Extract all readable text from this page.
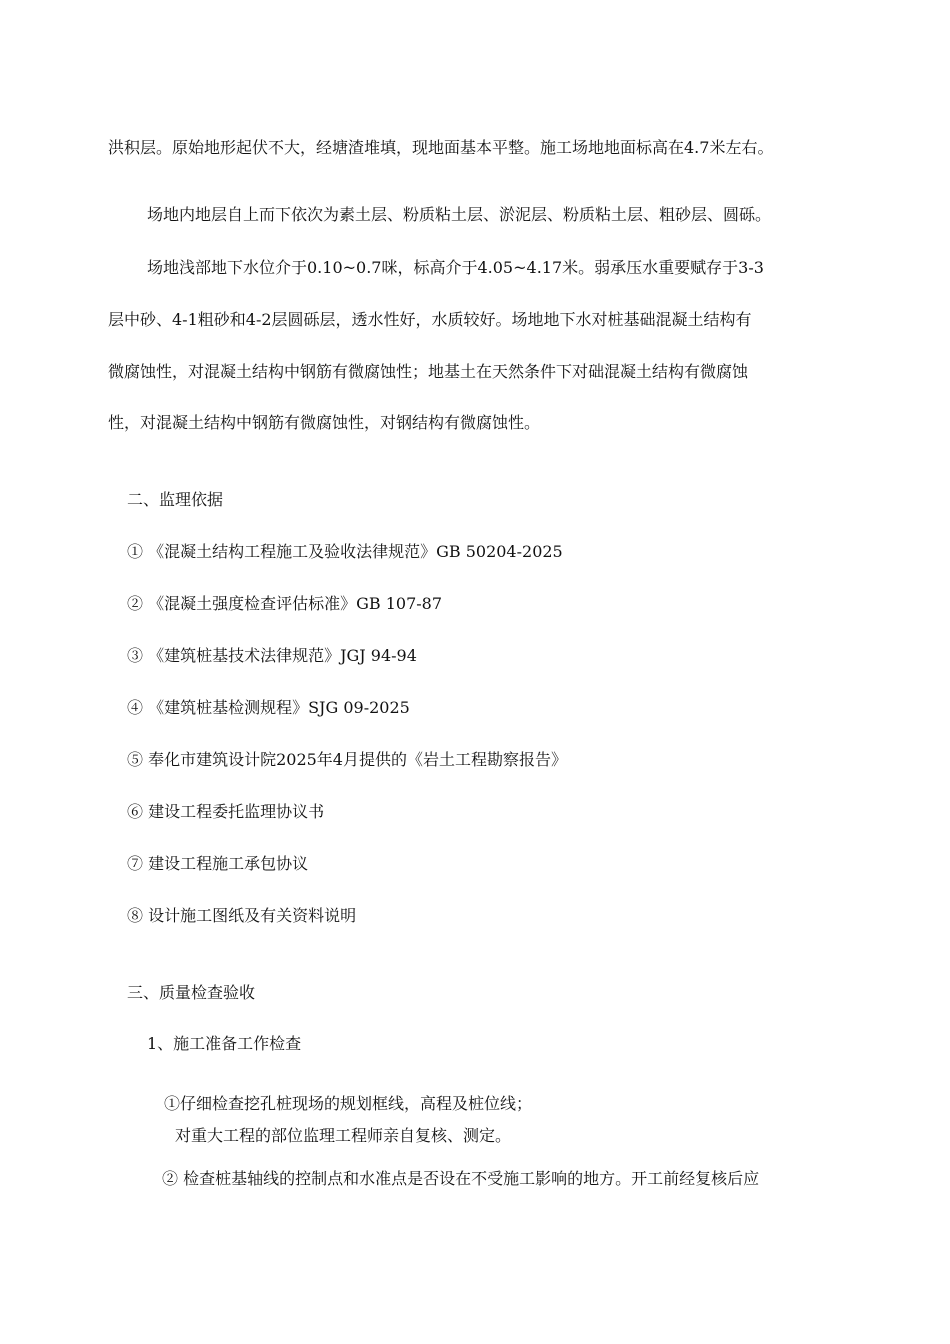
洪积层。原始地形起伏不大，经塘渣堆填，现地面基本平整。施工场地地面标高在4.7米左右。
场地内地层自上而下依次为素土层、粉质粘土层、淤泥层、粉质粘土层、粗砂层、圆砾。
场地浅部地下水位介于0.10~0.7咪，标高介于4.05~4.17米。弱承压水重要赋存于3-3
层中砂、4-1粗砂和4-2层圆砾层，透水性好，水质较好。场地地下水对桩基础混凝土结构有
微腐蚀性，对混凝土结构中钢筋有微腐蚀性；地基土在天然条件下对础混凝土结构有微腐蚀
性，对混凝土结构中钢筋有微腐蚀性，对钢结构有微腐蚀性。
二、监理依据
① 《混凝土结构工程施工及验收法律规范》GB 50204-2025
② 《混凝土强度检查评估标准》GB 107-87
③ 《建筑桩基技术法律规范》JGJ 94-94
④ 《建筑桩基检测规程》SJG 09-2025
⑤ 奉化市建筑设计院2025年4月提供的《岩土工程勘察报告》
⑥ 建设工程委托监理协议书
⑦ 建设工程施工承包协议
⑧ 设计施工图纸及有关资料说明
三、质量检查验收
1、施工准备工作检查
①仔细检查挖孔桩现场的规划框线，高程及桩位线；
对重大工程的部位监理工程师亲自复核、测定。
② 检查桩基轴线的控制点和水准点是否设在不受施工影响的地方。开工前经复核后应
